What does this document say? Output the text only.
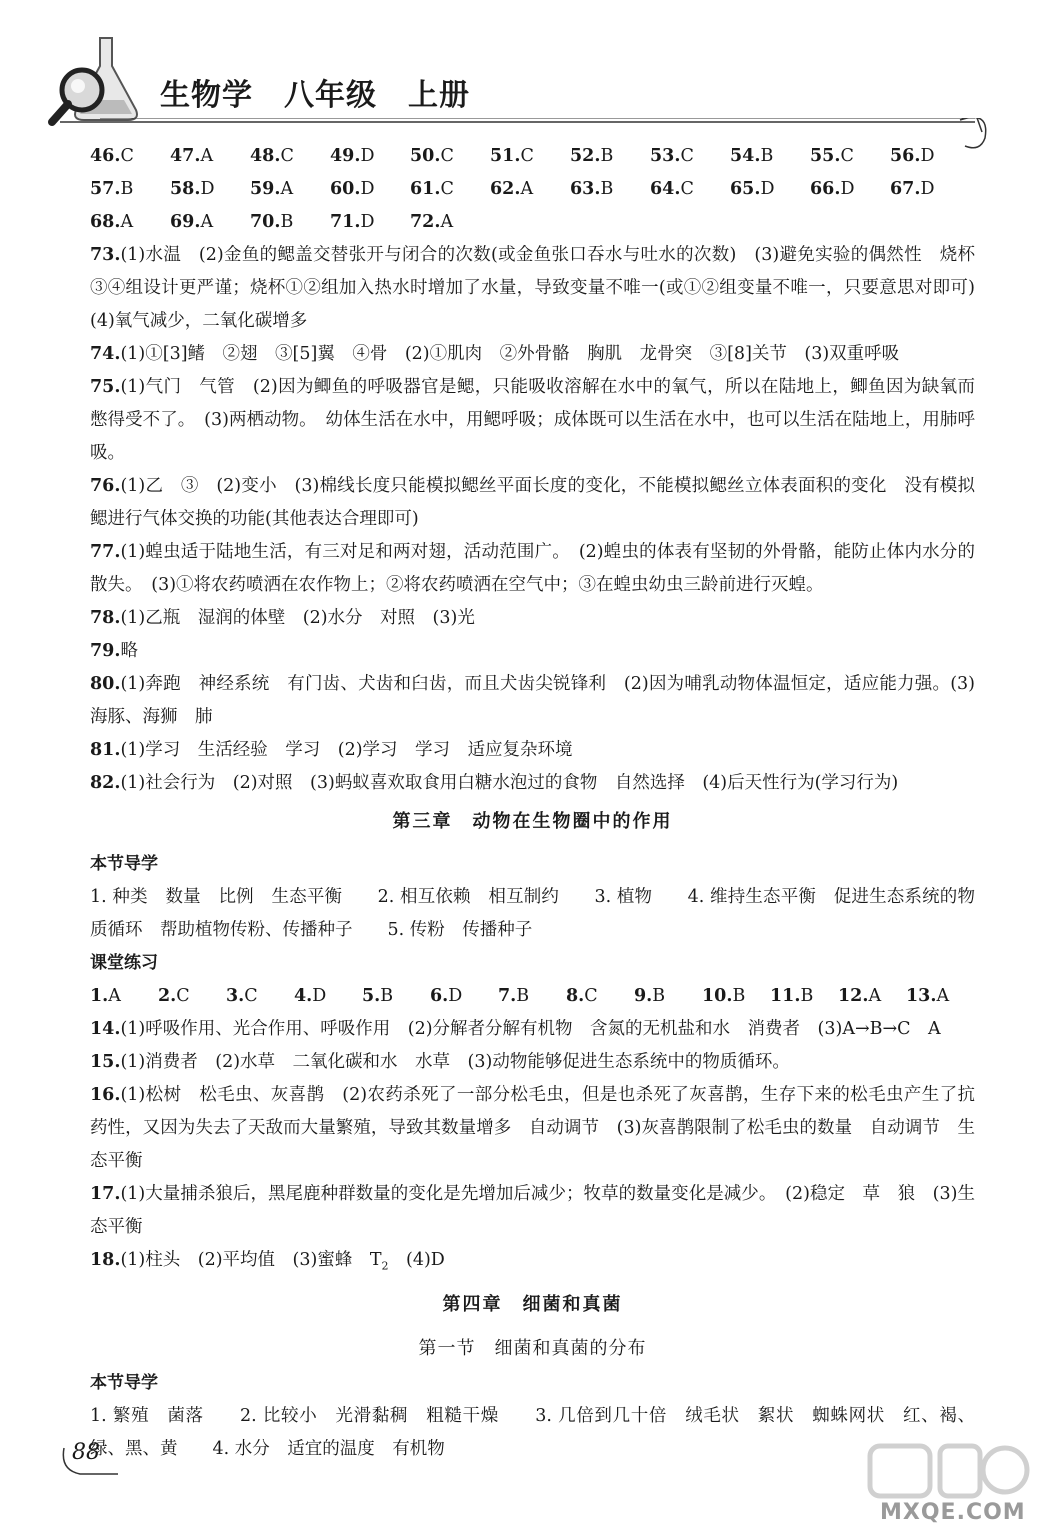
生物学　八年级　上册
46.C	47.A	48.C	49.D	50.C	51.C	52.B	53.C	54.B	55.C	56.D
57.B	58.D	59.A	60.D	61.C	62.A	63.B	64.C	65.D	66.D	67.D
68.A	69.A	70.B	71.D	72.A

73.(1)水温　(2)金鱼的鳃盖交替张开与闭合的次数(或金鱼张口吞水与吐水的次数)　(3)避免实验的偶然性　烧杯③④组设计更严谨；烧杯①②组加入热水时增加了水量，导致变量不唯一(或①②组变量不唯一，只要意思对即可)　(4)氧气减少，二氧化碳增多

74.(1)①[3]鳍　②翅　③[5]翼　④骨　(2)①肌肉　②外骨骼　胸肌　龙骨突　③[8]关节　(3)双重呼吸

75.(1)气门　气管　(2)因为鲫鱼的呼吸器官是鳃，只能吸收溶解在水中的氧气，所以在陆地上，鲫鱼因为缺氧而憋得受不了。　(3)两栖动物。　幼体生活在水中，用鳃呼吸；成体既可以生活在水中，也可以生活在陆地上，用肺呼吸。

76.(1)乙　③　(2)变小　(3)棉线长度只能模拟鳃丝平面长度的变化，不能模拟鳃丝立体表面积的变化　没有模拟鳃进行气体交换的功能(其他表达合理即可)

77.(1)蝗虫适于陆地生活，有三对足和两对翅，活动范围广。　(2)蝗虫的体表有坚韧的外骨骼，能防止体内水分的散失。　(3)①将农药喷洒在农作物上；②将农药喷洒在空气中；③在蝗虫幼虫三龄前进行灭蝗。

78.(1)乙瓶　湿润的体壁　(2)水分　对照　(3)光

79.略

80.(1)奔跑　神经系统　有门齿、犬齿和臼齿，而且犬齿尖锐锋利　(2)因为哺乳动物体温恒定，适应能力强。(3)海豚、海狮　肺

81.(1)学习　生活经验　学习　(2)学习　学习　适应复杂环境

82.(1)社会行为　(2)对照　(3)蚂蚁喜欢取食用白糖水泡过的食物　自然选择　(4)后天性行为(学习行为)

第三章　动物在生物圈中的作用
本节导学

1. 种类　数量　比例　生态平衡　　2. 相互依赖　相互制约　　3. 植物　　4. 维持生态平衡　促进生态系统的物质循环　帮助植物传粉、传播种子　　5. 传粉　传播种子

课堂练习
1.A	2.C	3.C	4.D	5.B	6.D	7.B	8.C	9.B	10.B	11.B	12.A	13.A

14.(1)呼吸作用、光合作用、呼吸作用　(2)分解者分解有机物　含氮的无机盐和水　消费者　(3)A→B→C　A

15.(1)消费者　(2)水草　二氧化碳和水　水草　(3)动物能够促进生态系统中的物质循环。

16.(1)松树　松毛虫、灰喜鹊　(2)农药杀死了一部分松毛虫，但是也杀死了灰喜鹊，生存下来的松毛虫产生了抗药性，又因为失去了天敌而大量繁殖，导致其数量增多　自动调节　(3)灰喜鹊限制了松毛虫的数量　自动调节　生态平衡

17.(1)大量捕杀狼后，黑尾鹿种群数量的变化是先增加后减少；牧草的数量变化是减少。　(2)稳定　草　狼　(3)生态平衡

18.(1)柱头　(2)平均值　(3)蜜蜂　$T_2$　(4)D

第四章　细菌和真菌
第一节　细菌和真菌的分布
本节导学

1. 繁殖　菌落　　2. 比较小　光滑黏稠　粗糙干燥　　3. 几倍到几十倍　绒毛状　絮状　蜘蛛网状　红、褐、绿、黑、黄　　4. 水分　适宜的温度　有机物

88
MXQE.COM
